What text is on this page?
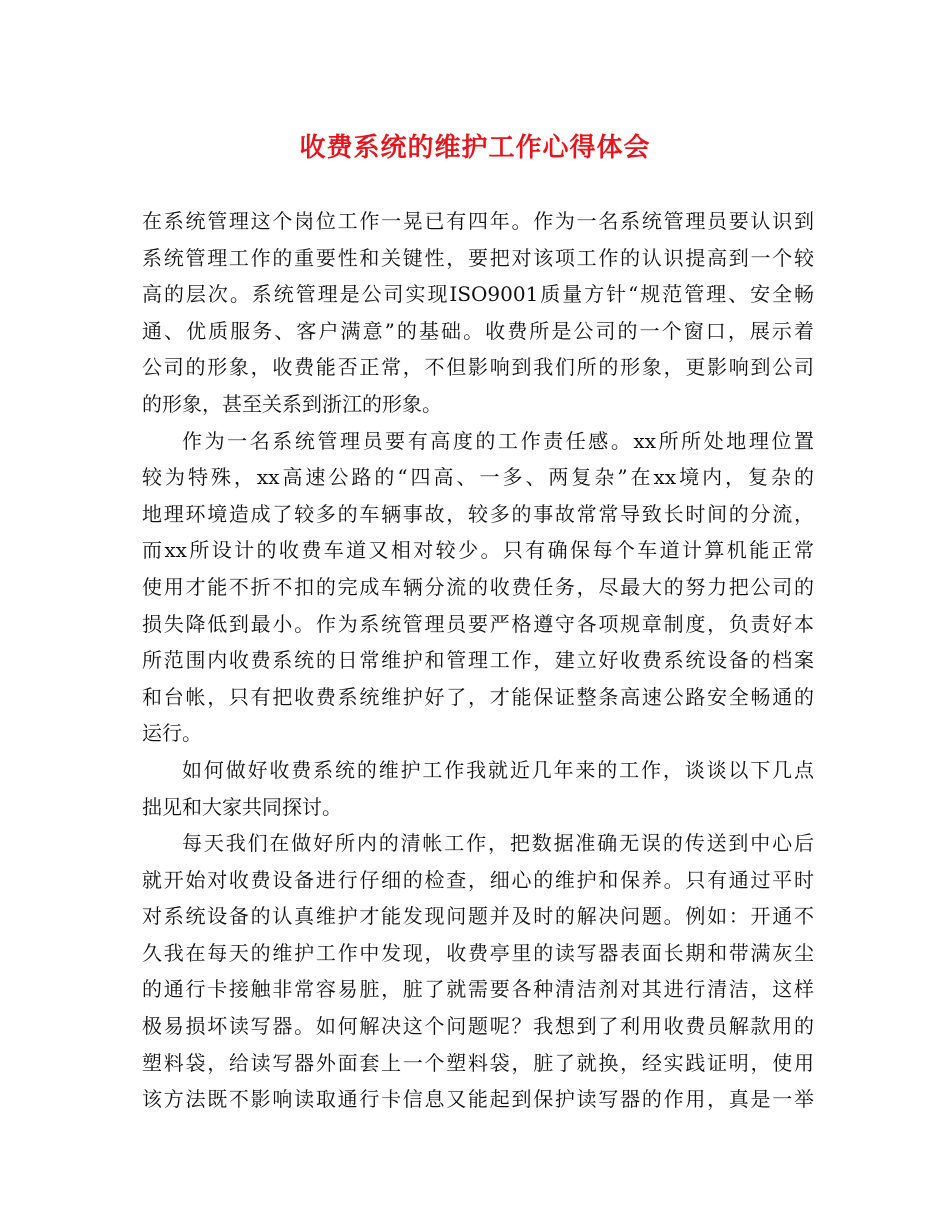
收费系统的维护工作心得体会
在系统管理这个岗位工作一晃已有四年。作为一名系统管理员要认识到
系统管理工作的重要性和关键性，要把对该项工作的认识提高到一个较
高的层次。系统管理是公司实现ISO9001质量方针“规范管理、安全畅
通、优质服务、客户满意”的基础。收费所是公司的一个窗口，展示着
公司的形象，收费能否正常，不但影响到我们所的形象，更影响到公司
的形象，甚至关系到浙江的形象。
作为一名系统管理员要有高度的工作责任感。xx所所处地理位置
较为特殊，xx高速公路的“四高、一多、两复杂”在xx境内，复杂的
地理环境造成了较多的车辆事故，较多的事故常常导致长时间的分流，
而xx所设计的收费车道又相对较少。只有确保每个车道计算机能正常
使用才能不折不扣的完成车辆分流的收费任务，尽最大的努力把公司的
损失降低到最小。作为系统管理员要严格遵守各项规章制度，负责好本
所范围内收费系统的日常维护和管理工作，建立好收费系统设备的档案
和台帐，只有把收费系统维护好了，才能保证整条高速公路安全畅通的
运行。
如何做好收费系统的维护工作我就近几年来的工作，谈谈以下几点
拙见和大家共同探讨。
每天我们在做好所内的清帐工作，把数据准确无误的传送到中心后
就开始对收费设备进行仔细的检查，细心的维护和保养。只有通过平时
对系统设备的认真维护才能发现问题并及时的解决问题。例如：开通不
久我在每天的维护工作中发现，收费亭里的读写器表面长期和带满灰尘
的通行卡接触非常容易脏，脏了就需要各种清洁剂对其进行清洁，这样
极易损坏读写器。如何解决这个问题呢？我想到了利用收费员解款用的
塑料袋，给读写器外面套上一个塑料袋，脏了就换，经实践证明，使用
该方法既不影响读取通行卡信息又能起到保护读写器的作用，真是一举
